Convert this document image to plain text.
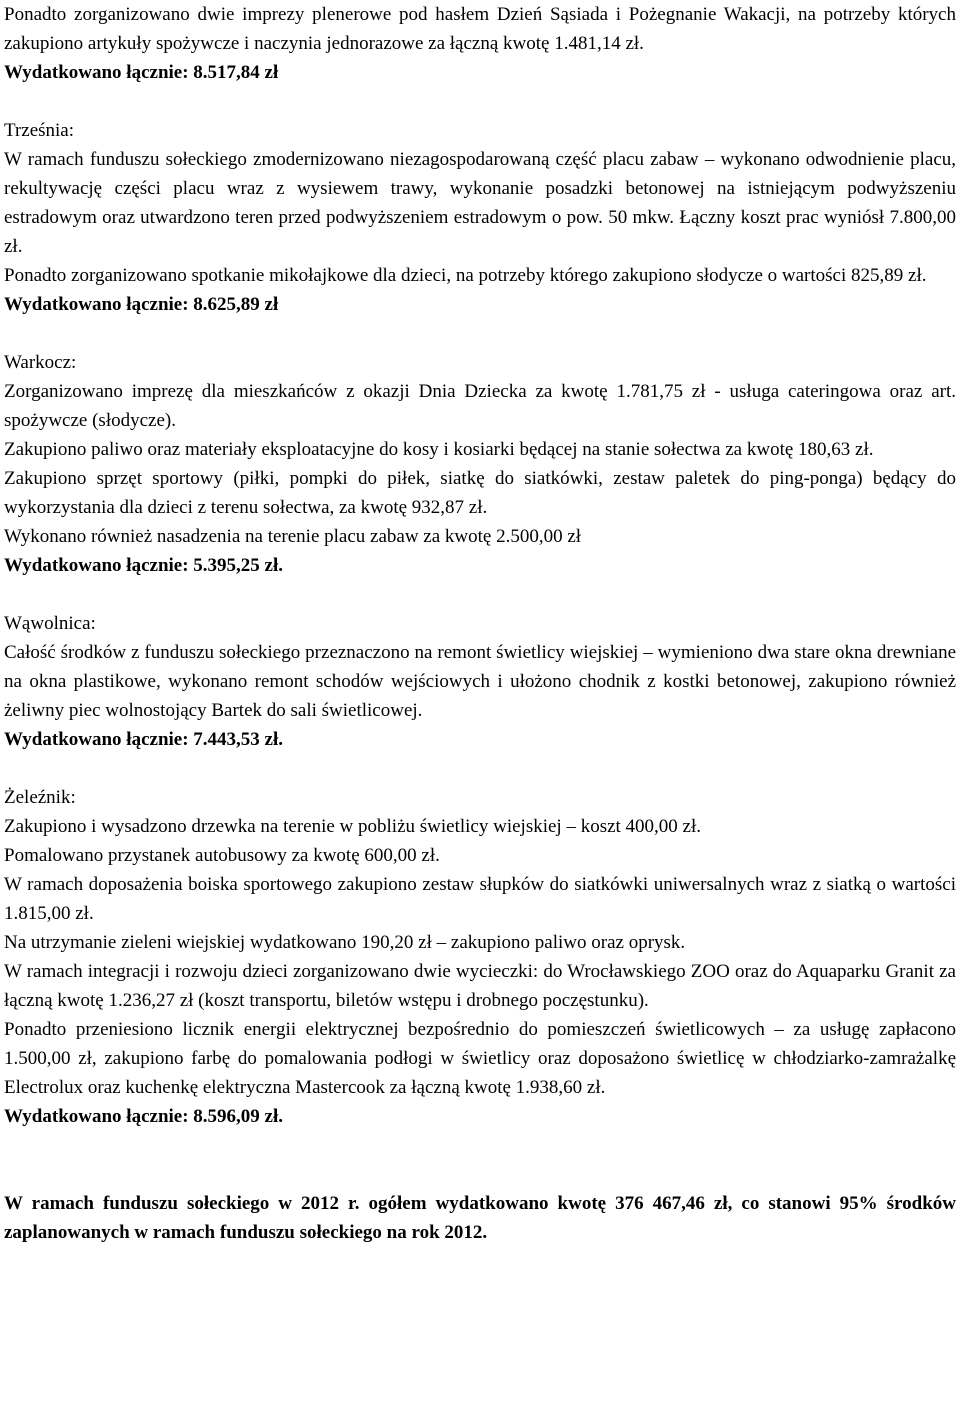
Ponadto zorganizowano dwie imprezy plenerowe pod hasłem Dzień Sąsiada i Pożegnanie Wakacji, na potrzeby których zakupiono artykuły spożywcze i naczynia jednorazowe za łączną kwotę 1.481,14 zł.

Wydatkowano łącznie: 8.517,84 zł

Trześnia:

W ramach funduszu sołeckiego zmodernizowano niezagospodarowaną część placu zabaw – wykonano odwodnienie placu, rekultywację części placu wraz z wysiewem trawy, wykonanie posadzki betonowej na istniejącym podwyższeniu estradowym oraz utwardzono teren przed podwyższeniem estradowym o pow. 50 mkw. Łączny koszt prac wyniósł 7.800,00 zł.

Ponadto zorganizowano spotkanie mikołajkowe dla dzieci, na potrzeby którego zakupiono słodycze o wartości 825,89 zł.

Wydatkowano łącznie: 8.625,89 zł

Warkocz:

Zorganizowano imprezę dla mieszkańców z okazji Dnia Dziecka za kwotę 1.781,75 zł - usługa cateringowa oraz art. spożywcze (słodycze).

Zakupiono paliwo oraz materiały eksploatacyjne do kosy i kosiarki będącej na stanie sołectwa za kwotę 180,63 zł.

Zakupiono sprzęt sportowy (piłki, pompki do piłek, siatkę do siatkówki, zestaw paletek do ping-ponga) będący do wykorzystania dla dzieci z terenu sołectwa, za kwotę 932,87 zł.

Wykonano również nasadzenia na terenie placu zabaw za kwotę 2.500,00 zł

Wydatkowano łącznie: 5.395,25 zł.

Wąwolnica:

Całość środków z funduszu sołeckiego przeznaczono na remont świetlicy wiejskiej – wymieniono dwa stare okna drewniane na okna plastikowe, wykonano remont schodów wejściowych i ułożono chodnik z kostki betonowej, zakupiono również żeliwny piec wolnostojący Bartek do sali świetlicowej.

Wydatkowano łącznie: 7.443,53 zł.

Żeleźnik:

Zakupiono i wysadzono drzewka na terenie w pobliżu świetlicy wiejskiej – koszt 400,00 zł.

Pomalowano przystanek autobusowy za kwotę 600,00 zł.

W ramach doposażenia boiska sportowego zakupiono zestaw słupków do siatkówki uniwersalnych wraz z siatką o wartości 1.815,00 zł.

Na utrzymanie zieleni wiejskiej wydatkowano 190,20 zł – zakupiono paliwo oraz oprysk.

W ramach integracji i rozwoju dzieci zorganizowano dwie wycieczki: do Wrocławskiego ZOO oraz do Aquaparku Granit za łączną kwotę 1.236,27 zł (koszt transportu, biletów wstępu i drobnego poczęstunku).

Ponadto przeniesiono licznik energii elektrycznej bezpośrednio do pomieszczeń świetlicowych – za usługę zapłacono 1.500,00 zł, zakupiono farbę do pomalowania podłogi w świetlicy oraz doposażono świetlicę w chłodziarko-zamrażalkę Electrolux oraz kuchenkę elektryczna Mastercook za łączną kwotę 1.938,60 zł.

Wydatkowano łącznie: 8.596,09 zł.

W ramach funduszu sołeckiego w 2012 r. ogółem wydatkowano kwotę 376 467,46 zł, co stanowi 95% środków zaplanowanych w ramach funduszu sołeckiego na rok 2012.
